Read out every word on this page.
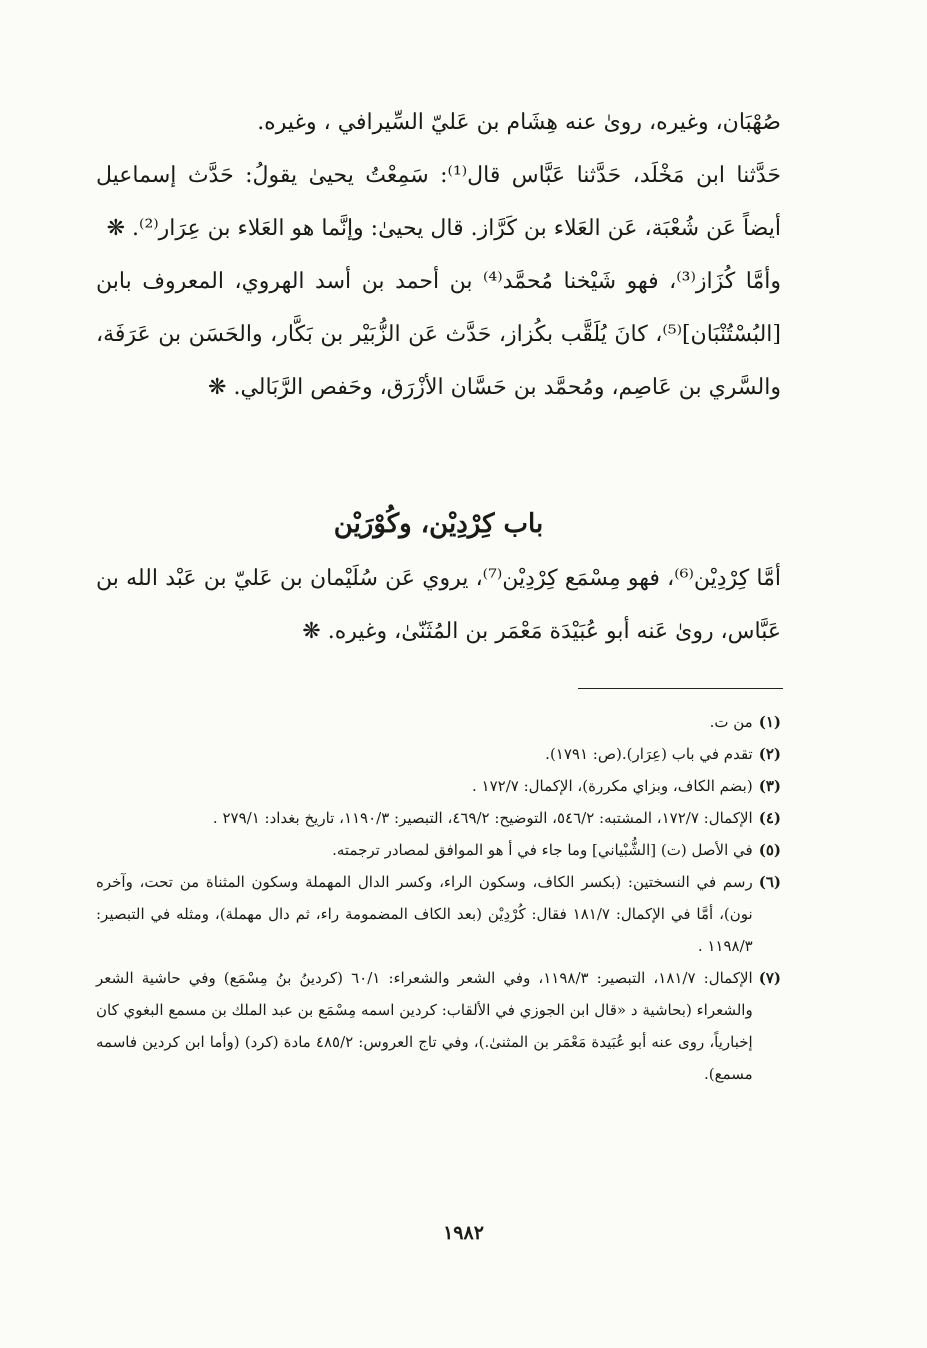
صُهْبَان، وغيره، روىٰ عنه هِشَام بن عَليّ السِّيرافي ، وغيره.

حَدَّثنا ابن مَخْلَد، حَدَّثنا عَبَّاس قال⁽¹⁾: سَمِعْتُ يحيىٰ يقولُ: حَدَّث إسماعيل أيضاً عَن شُعْبَة، عَن العَلاء بن كَرَّاز. قال يحيىٰ: وإنَّما هو العَلاء بن عِرَار⁽²⁾. ❋

وأمَّا كُزَاز⁽³⁾، فهو شَيْخنا مُحمَّد⁽⁴⁾ بن أحمد بن أسد الهروي، المعروف بابن [البُسْتُنْبَان]⁽⁵⁾، كانَ يُلَقَّب بكُزاز، حَدَّث عَن الزُّبَيْر بن بَكَّار، والحَسَن بن عَرَفَة، والسَّري بن عَاصِم، ومُحمَّد بن حَسَّان الأزْرَق، وحَفص الرَّبَالي. ❋

باب كِرْدِيْن، وكُوْرَيْن

أمَّا كِرْدِيْن⁽⁶⁾، فهو مِسْمَع كِرْدِيْن⁽⁷⁾، يروي عَن سُلَيْمان بن عَليّ بن عَبْد الله بن عَبَّاس، روىٰ عَنه أبو عُبَيْدَة مَعْمَر بن المُثَنّىٰ، وغيره. ❋

(١)
من ت.
(٢)
تقدم في باب (عِرَار).(ص: ١٧٩١).
(٣)
(بضم الكاف، وبزاي مكررة)، الإكمال: ١٧٢/٧ .
(٤)
الإكمال: ١٧٢/٧، المشتبه: ٥٤٦/٢، التوضيح: ٤٦٩/٢، التبصير: ١١٩٠/٣، تاريخ بغداد: ٢٧٩/١ .
(٥)
في الأصل (ت) [الشُّبْياني] وما جاء في أ هو الموافق لمصادر ترجمته.
(٦)
رسم في النسختين: (بكسر الكاف، وسكون الراء، وكسر الدال المهملة وسكون المثناة من تحت، وآخره نون)، أمَّا في الإكمال: ١٨١/٧ فقال: كُرْدِيْن (بعد الكاف المضمومة راء، ثم دال مهملة)، ومثله في التبصير: ١١٩٨/٣ .
(٧)
الإكمال: ١٨١/٧، التبصير: ١١٩٨/٣، وفي الشعر والشعراء: ٦٠/١ (كردينُ بنُ مِسْمَع) وفي حاشية الشعر والشعراء (بحاشية د «قال ابن الجوزي في الألقاب: كردين اسمه مِسْمَع بن عبد الملك بن مسمع البغوي كان إخبارياً، روى عنه أبو عُبَيدة مَعْمَر بن المثنىٰ.)، وفي تاج العروس: ٤٨٥/٢ مادة (كرد) (وأما ابن كردين فاسمه مسمع).
١٩٨٢
